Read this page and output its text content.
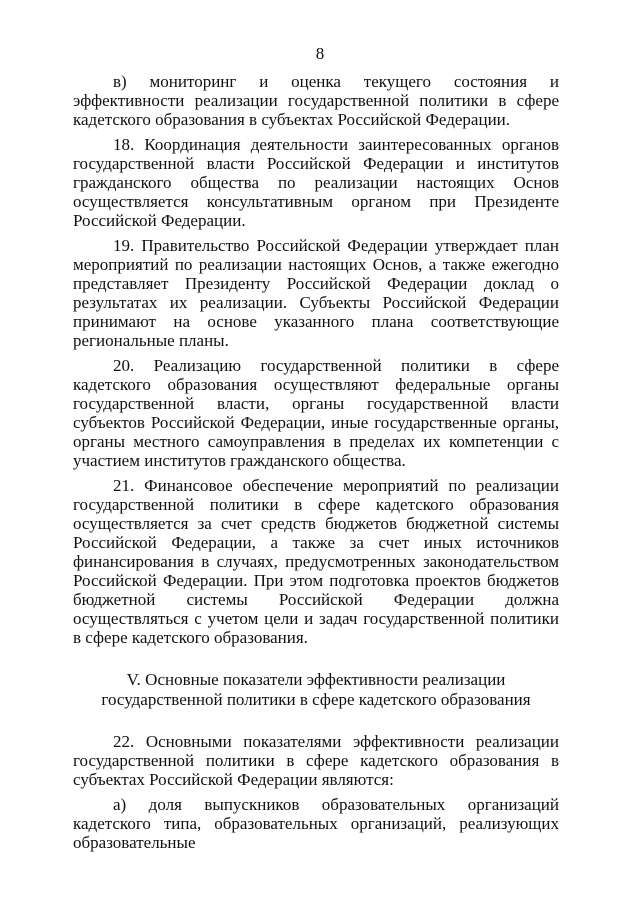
8

в) мониторинг и оценка текущего состояния и эффективности реализации государственной политики в сфере кадетского образования в субъектах Российской Федерации.

18. Координация деятельности заинтересованных органов государственной власти Российской Федерации и институтов гражданского общества по реализации настоящих Основ осуществляется консультативным органом при Президенте Российской Федерации.

19. Правительство Российской Федерации утверждает план мероприятий по реализации настоящих Основ, а также ежегодно представляет Президенту Российской Федерации доклад о результатах их реализации. Субъекты Российской Федерации принимают на основе указанного плана соответствующие региональные планы.

20. Реализацию государственной политики в сфере кадетского образования осуществляют федеральные органы государственной власти, органы государственной власти субъектов Российской Федерации, иные государственные органы, органы местного самоуправления в пределах их компетенции с участием институтов гражданского общества.

21. Финансовое обеспечение мероприятий по реализации государственной политики в сфере кадетского образования осуществляется за счет средств бюджетов бюджетной системы Российской Федерации, а также за счет иных источников финансирования в случаях, предусмотренных законодательством Российской Федерации. При этом подготовка проектов бюджетов бюджетной системы Российской Федерации должна осуществляться с учетом цели и задач государственной политики в сфере кадетского образования.

V. Основные показатели эффективности реализации
государственной политики в сфере кадетского образования

22. Основными показателями эффективности реализации государственной политики в сфере кадетского образования в субъектах Российской Федерации являются:

а) доля выпускников образовательных организаций кадетского типа, образовательных организаций, реализующих образовательные
